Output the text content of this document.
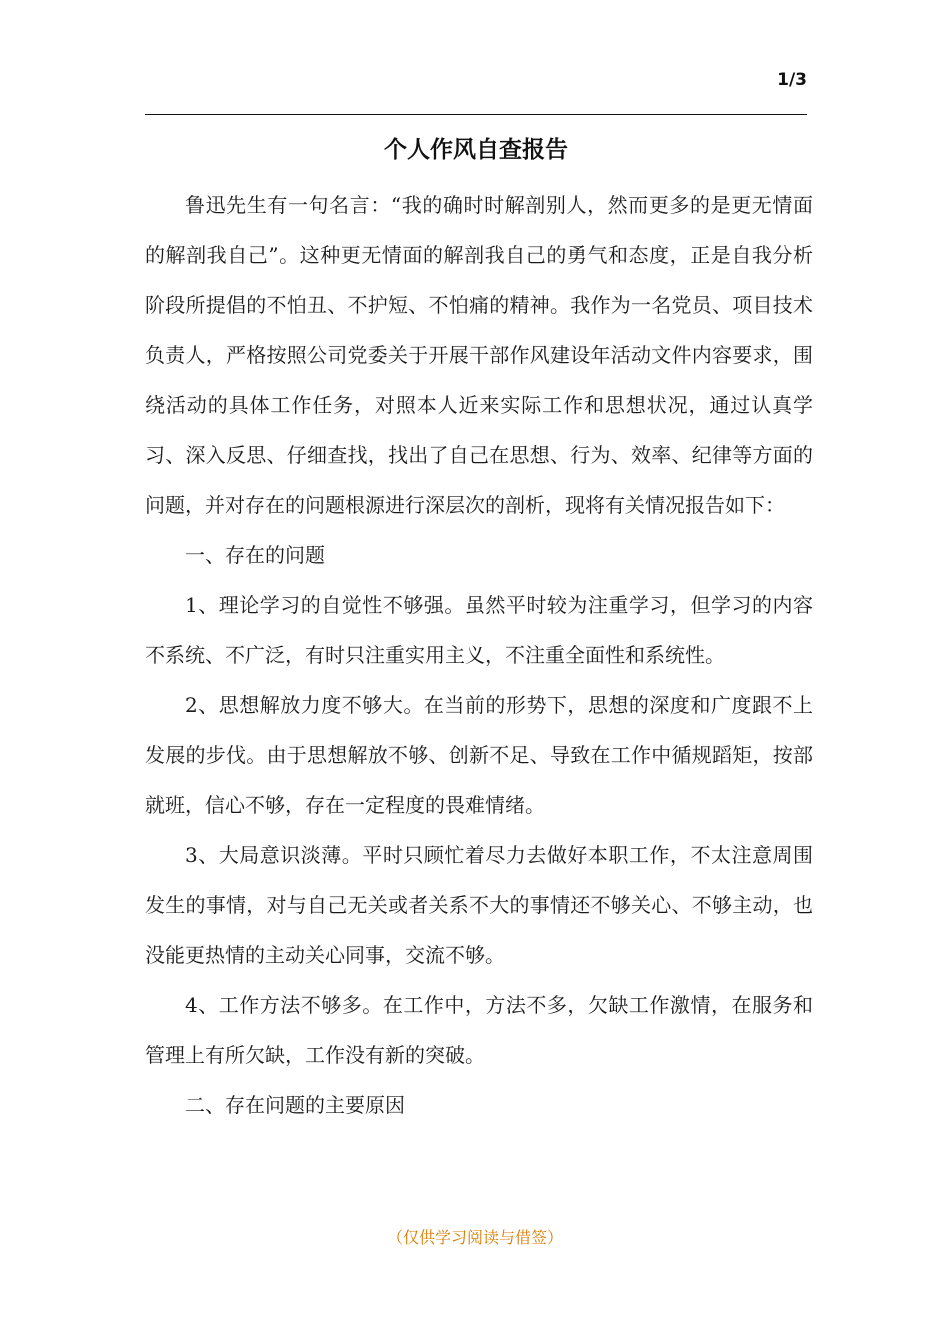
1/3
个人作风自查报告

鲁迅先生有一句名言：“我的确时时解剖别人，然而更多的是更无情面的解剖我自己”。这种更无情面的解剖我自己的勇气和态度，正是自我分析阶段所提倡的不怕丑、不护短、不怕痛的精神。我作为一名党员、项目技术负责人，严格按照公司党委关于开展干部作风建设年活动文件内容要求，围绕活动的具体工作任务，对照本人近来实际工作和思想状况，通过认真学习、深入反思、仔细查找，找出了自己在思想、行为、效率、纪律等方面的问题，并对存在的问题根源进行深层次的剖析，现将有关情况报告如下：

一、存在的问题

1、理论学习的自觉性不够强。虽然平时较为注重学习，但学习的内容不系统、不广泛，有时只注重实用主义，不注重全面性和系统性。

2、思想解放力度不够大。在当前的形势下，思想的深度和广度跟不上发展的步伐。由于思想解放不够、创新不足、导致在工作中循规蹈矩，按部就班，信心不够，存在一定程度的畏难情绪。

3、大局意识淡薄。平时只顾忙着尽力去做好本职工作，不太注意周围发生的事情，对与自己无关或者关系不大的事情还不够关心、不够主动，也没能更热情的主动关心同事，交流不够。

4、工作方法不够多。在工作中，方法不多，欠缺工作激情，在服务和管理上有所欠缺，工作没有新的突破。

二、存在问题的主要原因

（仅供学习阅读与借签）
